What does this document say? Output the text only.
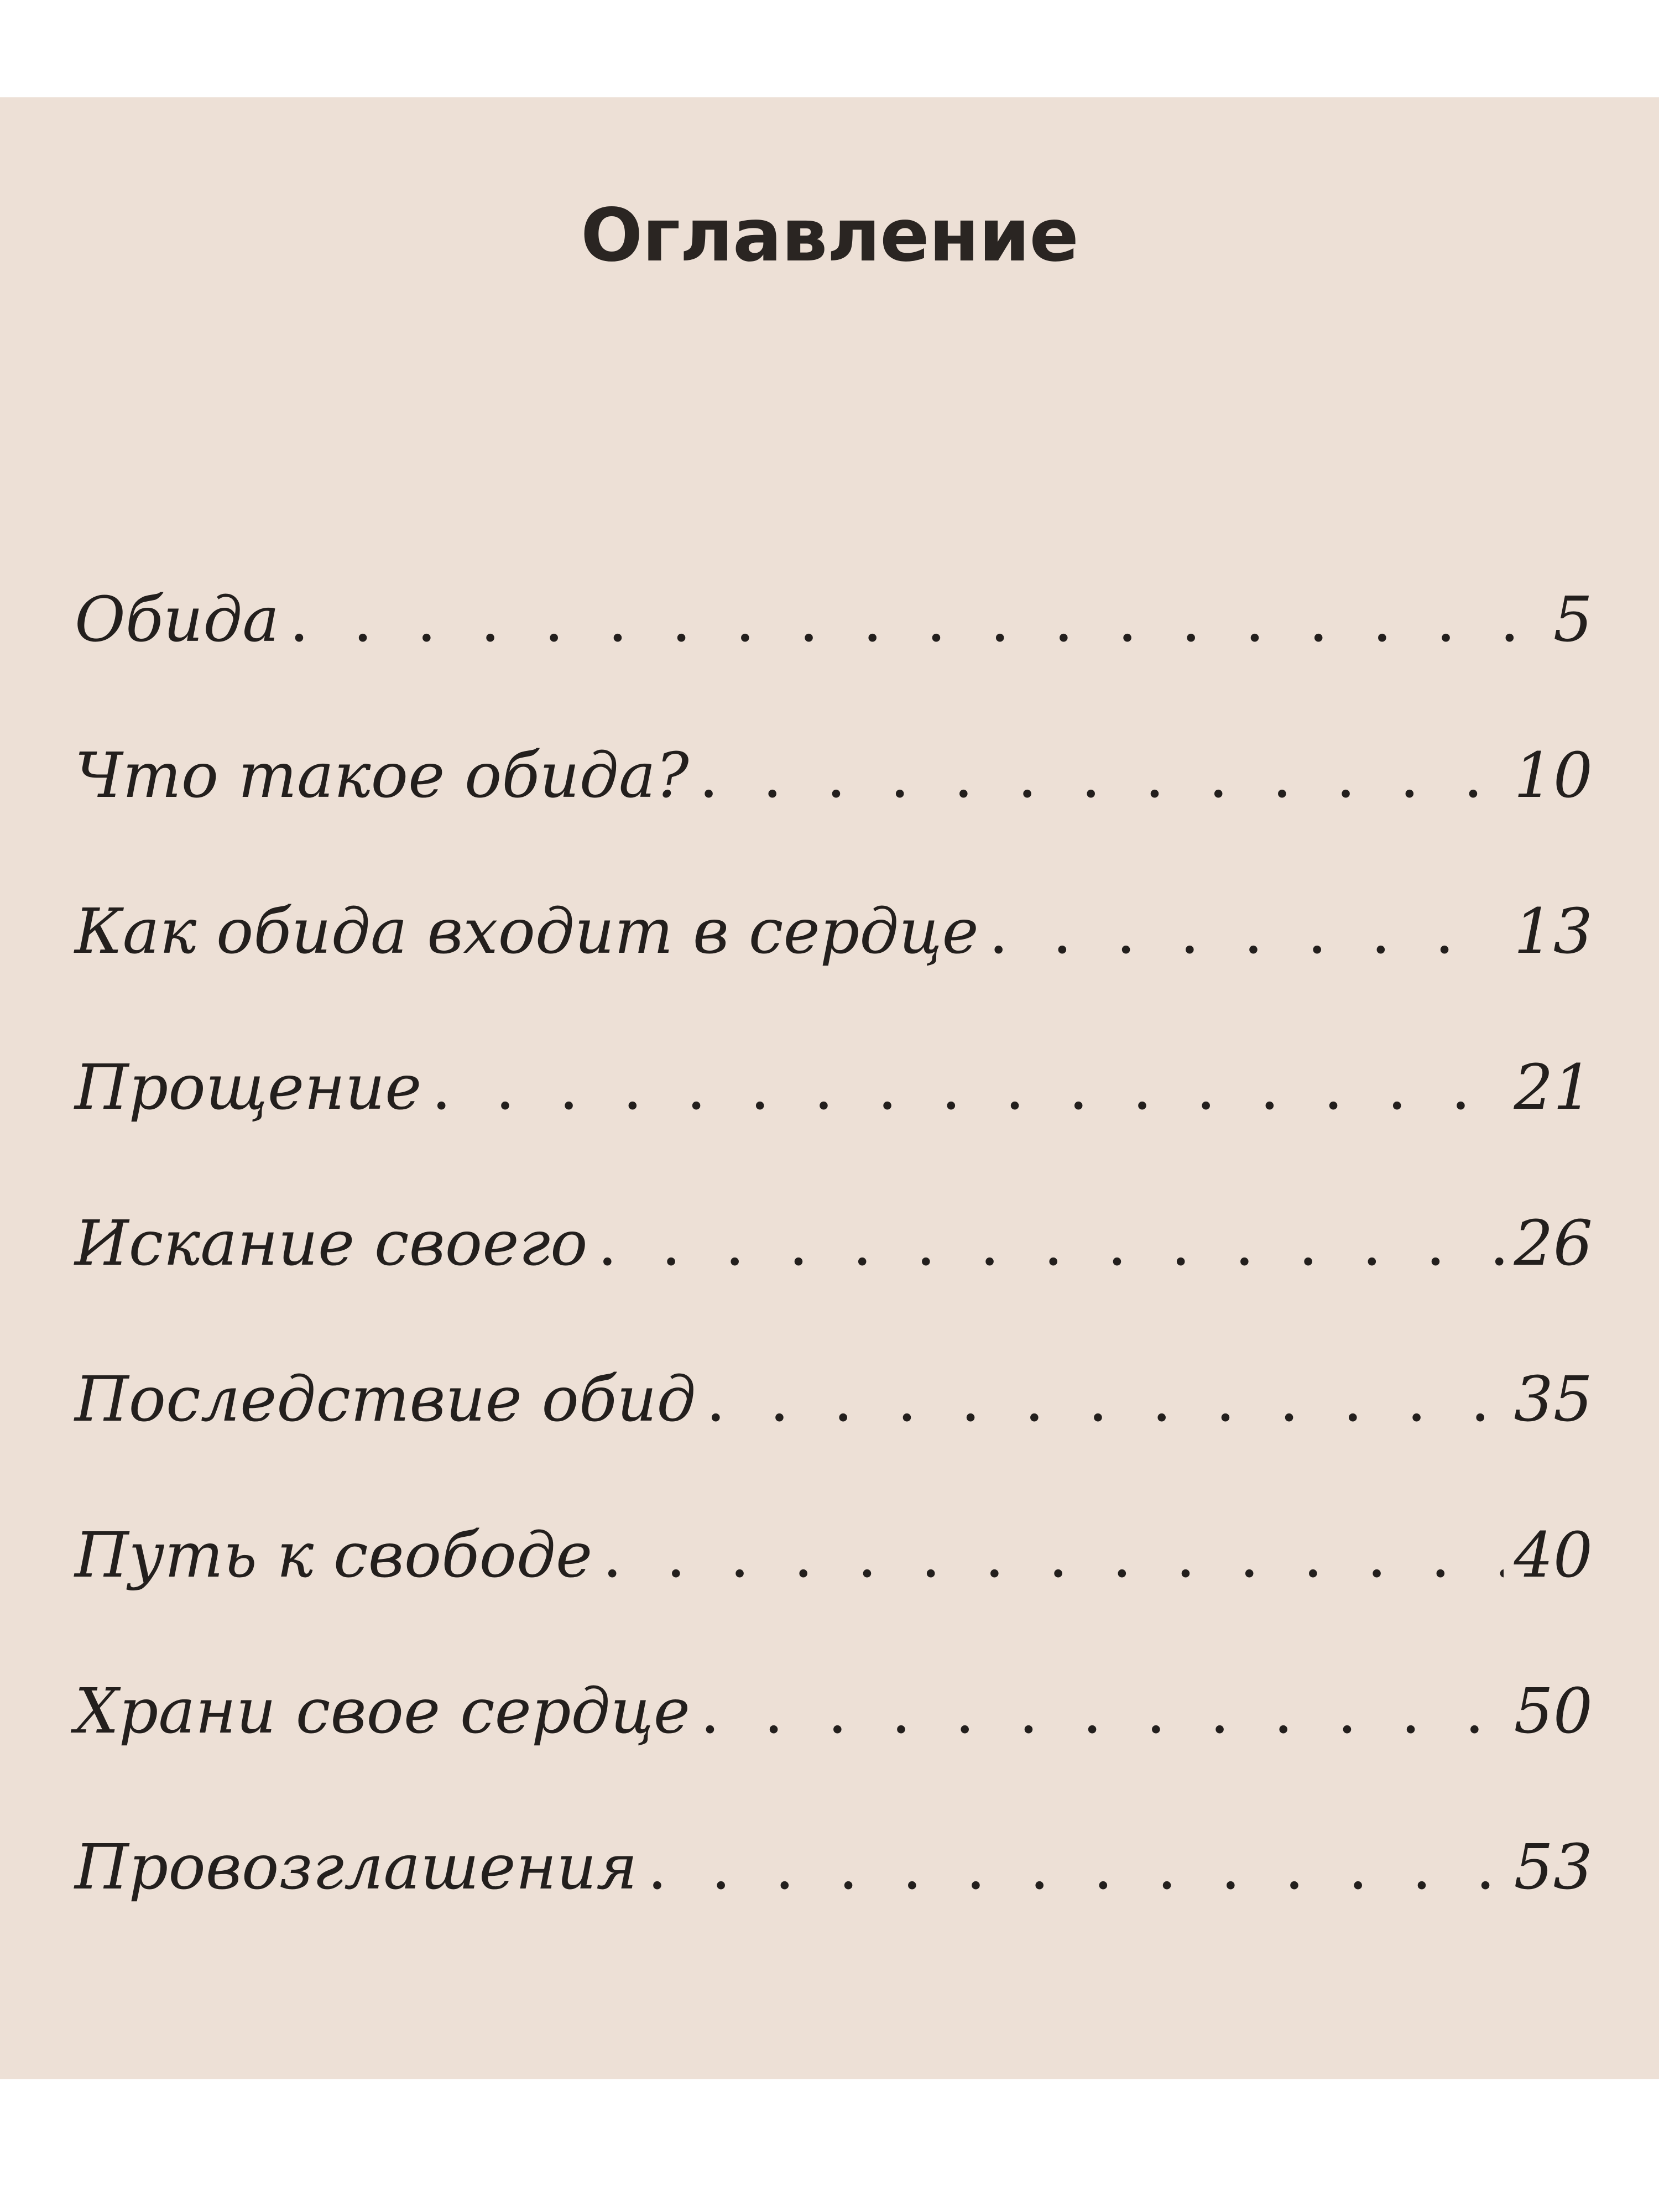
Оглавление
Обида . . .	5
Что такое обида? . . .	10
Как обида входит в сердце . . .	13
Прощение . . .	21
Искание своего . . .	26
Последствие обид . . .	35
Путь к свободе . . .	40
Храни свое сердце . . .	50
Провозглашения . . .	53
